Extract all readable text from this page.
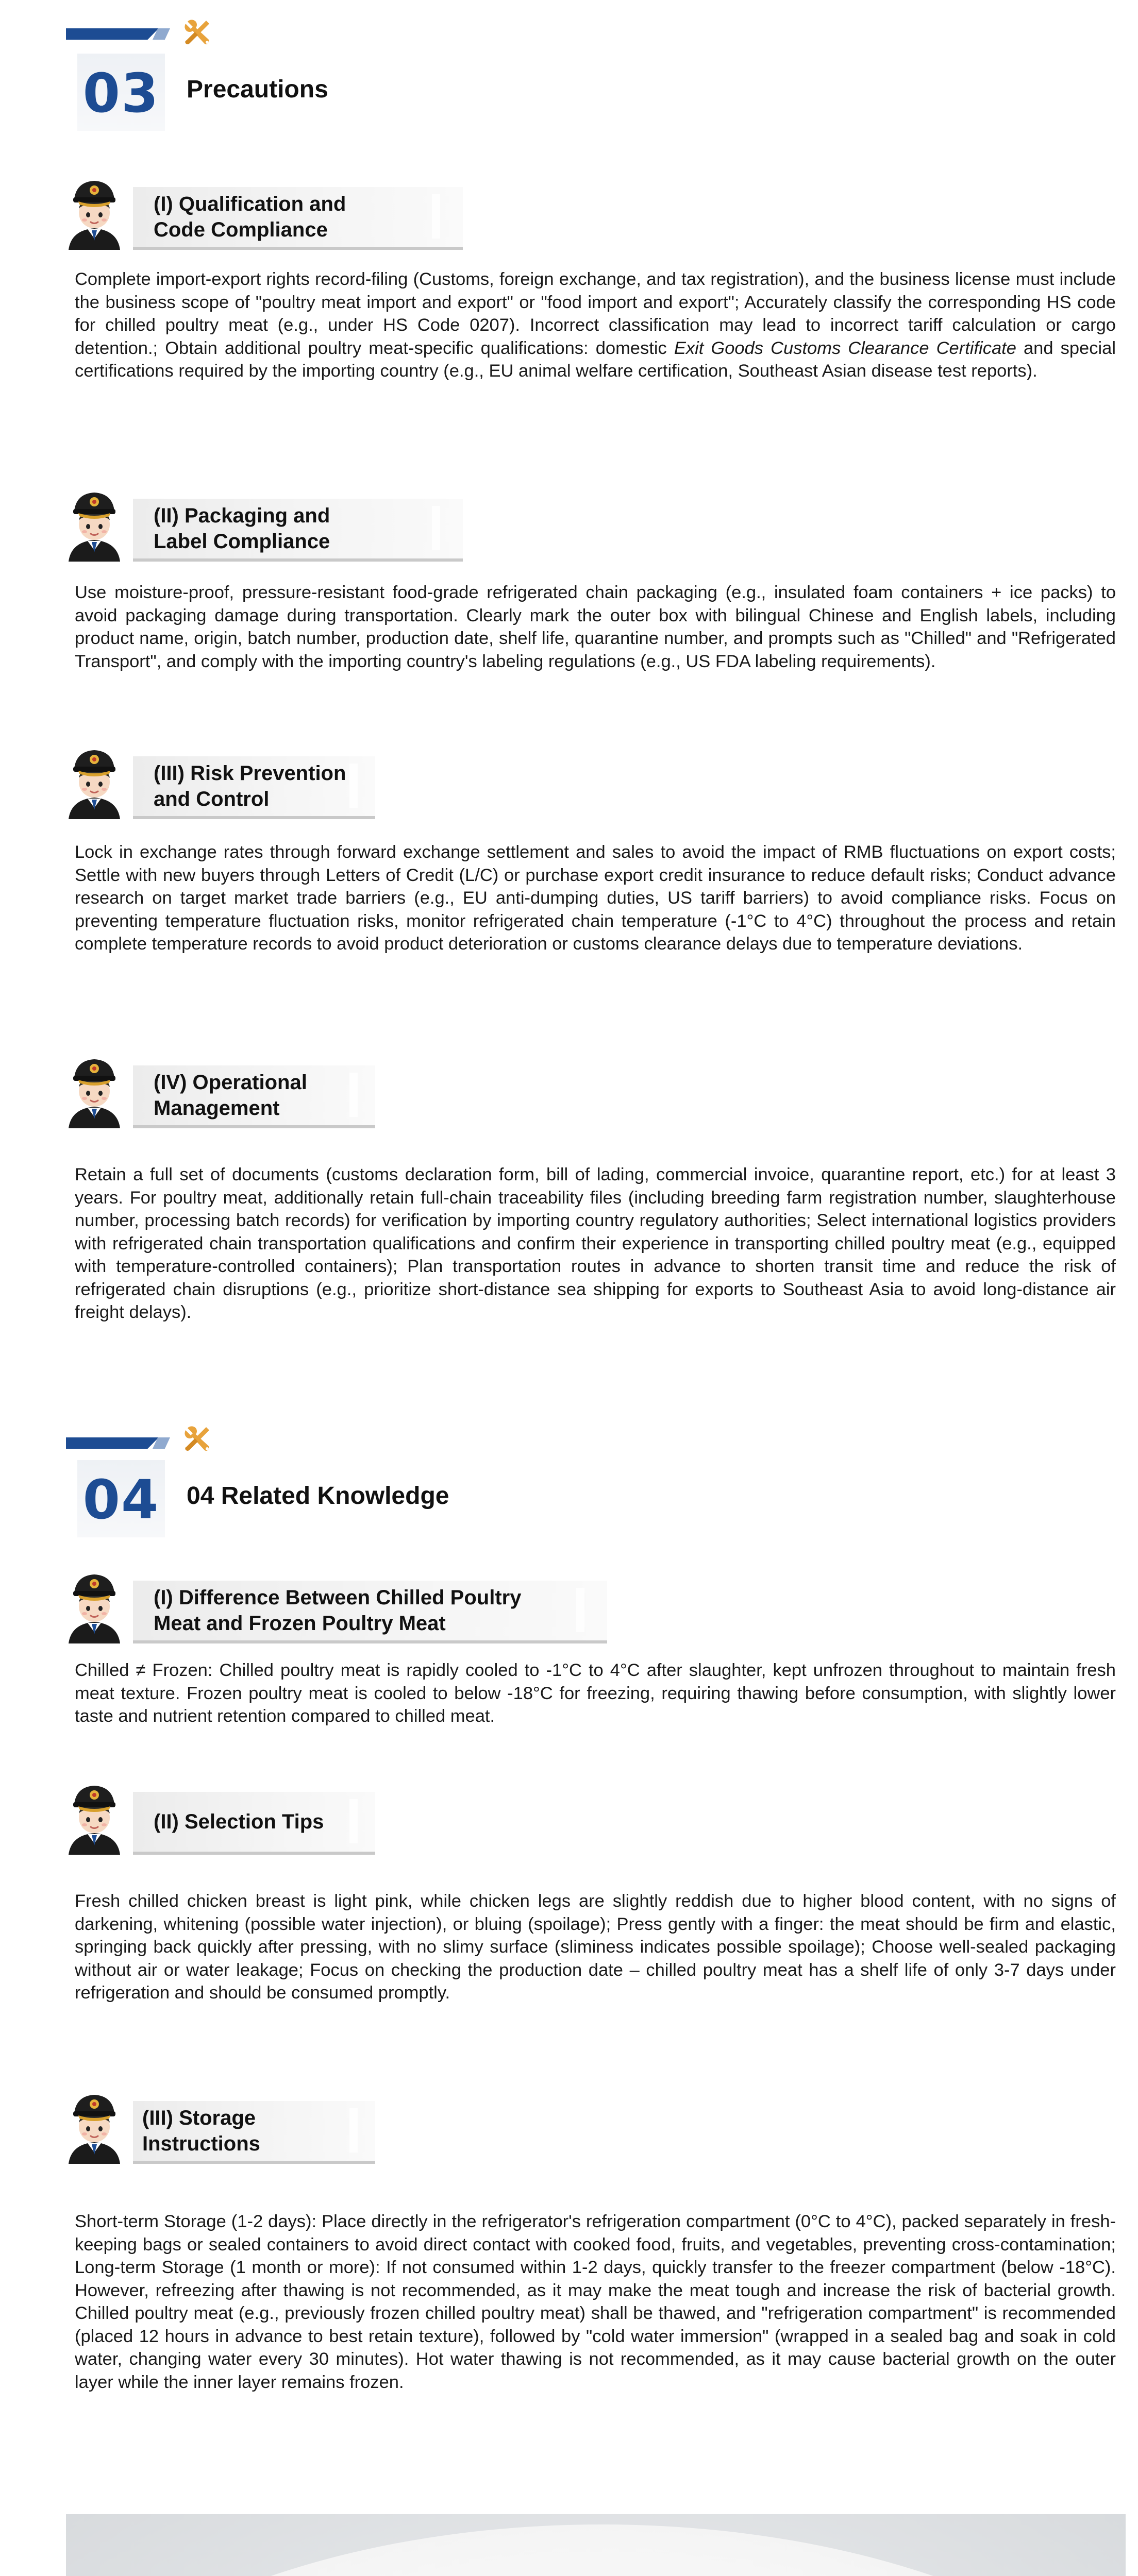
03 Precautions
(I) Qualification and
Code Compliance
Complete import-export rights record-filing (Customs, foreign exchange, and tax registration), and the business license must include the business scope of "poultry meat import and export" or "food import and export"; Accurately classify the corresponding HS code for chilled poultry meat (e.g., under HS Code 0207). Incorrect classification may lead to incorrect tariff calculation or cargo detention.; Obtain additional poultry meat-specific qualifications: domestic Exit Goods Customs Clearance Certificate and special certifications required by the importing country (e.g., EU animal welfare certification, Southeast Asian disease test reports).
(II) Packaging and
Label Compliance
Use moisture-proof, pressure-resistant food-grade refrigerated chain packaging (e.g., insulated foam containers + ice packs) to avoid packaging damage during transportation. Clearly mark the outer box with bilingual Chinese and English labels, including product name, origin, batch number, production date, shelf life, quarantine number, and prompts such as "Chilled" and "Refrigerated Transport", and comply with the importing country's labeling regulations (e.g., US FDA labeling requirements).
(III) Risk Prevention
and Control
Lock in exchange rates through forward exchange settlement and sales to avoid the impact of RMB fluctuations on export costs; Settle with new buyers through Letters of Credit (L/C) or purchase export credit insurance to reduce default risks; Conduct advance research on target market trade barriers (e.g., EU anti-dumping duties, US tariff barriers) to avoid compliance risks. Focus on preventing temperature fluctuation risks, monitor refrigerated chain temperature (-1°C to 4°C) throughout the process and retain complete temperature records to avoid product deterioration or customs clearance delays due to temperature deviations.
(IV) Operational
Management
Retain a full set of documents (customs declaration form, bill of lading, commercial invoice, quarantine report, etc.) for at least 3 years. For poultry meat, additionally retain full-chain traceability files (including breeding farm registration number, slaughterhouse number, processing batch records) for verification by importing country regulatory authorities; Select international logistics providers with refrigerated chain transportation qualifications and confirm their experience in transporting chilled poultry meat (e.g., equipped with temperature-controlled containers); Plan transportation routes in advance to shorten transit time and reduce the risk of refrigerated chain disruptions (e.g., prioritize short-distance sea shipping for exports to Southeast Asia to avoid long-distance air freight delays).
04 04 Related Knowledge
(I) Difference Between Chilled Poultry
Meat and Frozen Poultry Meat
Chilled ≠ Frozen: Chilled poultry meat is rapidly cooled to -1°C to 4°C after slaughter, kept unfrozen throughout to maintain fresh meat texture. Frozen poultry meat is cooled to below -18°C for freezing, requiring thawing before consumption, with slightly lower taste and nutrient retention compared to chilled meat.
(II) Selection Tips
Fresh chilled chicken breast is light pink, while chicken legs are slightly reddish due to higher blood content, with no signs of darkening, whitening (possible water injection), or bluing (spoilage); Press gently with a finger: the meat should be firm and elastic, springing back quickly after pressing, with no slimy surface (sliminess indicates possible spoilage); Choose well-sealed packaging without air or water leakage; Focus on checking the production date – chilled poultry meat has a shelf life of only 3-7 days under refrigeration and should be consumed promptly.
(III) Storage Instructions
Short-term Storage (1-2 days): Place directly in the refrigerator's refrigeration compartment (0°C to 4°C), packed separately in fresh-keeping bags or sealed containers to avoid direct contact with cooked food, fruits, and vegetables, preventing cross-contamination; Long-term Storage (1 month or more): If not consumed within 1-2 days, quickly transfer to the freezer compartment (below -18°C). However, refreezing after thawing is not recommended, as it may make the meat tough and increase the risk of bacterial growth. Chilled poultry meat (e.g., previously frozen chilled poultry meat) shall be thawed, and "refrigeration compartment" is recommended (placed 12 hours in advance to best retain texture), followed by "cold water immersion" (wrapped in a sealed bag and soak in cold water, changing water every 30 minutes). Hot water thawing is not recommended, as it may cause bacterial growth on the outer layer while the inner layer remains frozen.
